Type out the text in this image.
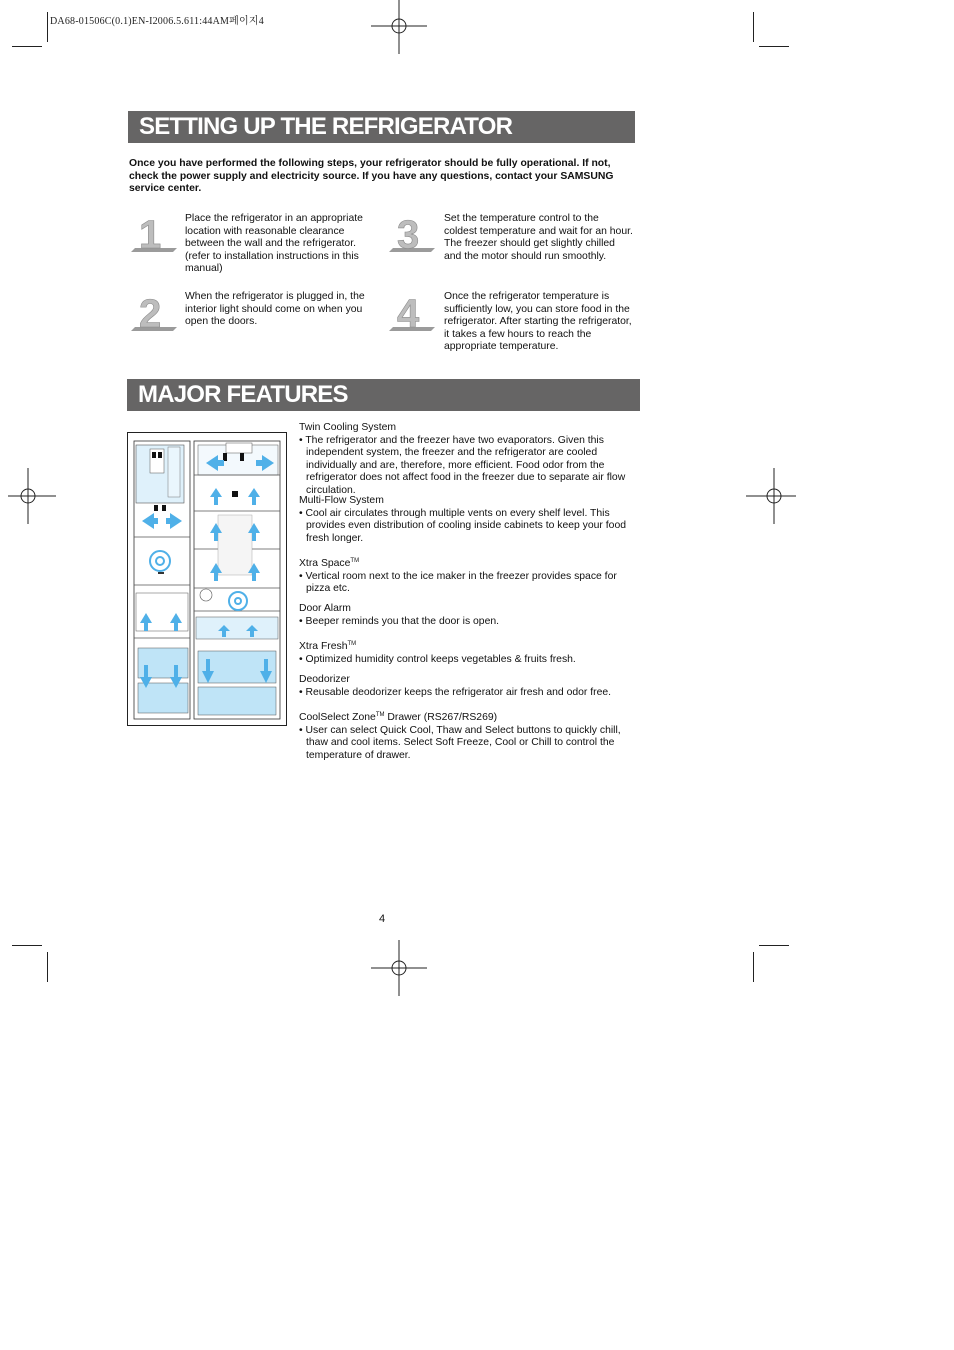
DA68-01506C(0.1)EN-I2006.5.611:44AM페이지4
SETTING UP THE REFRIGERATOR
Once you have performed the following steps, your refrigerator should be fully operational. If not, check the power supply and electricity source. If you have any questions, contact your SAMSUNG service center.
1
2
3
4
Place the refrigerator in an appropriate location with reasonable clearance between the wall and the refrigerator. (refer to installation instructions in this manual)
When the refrigerator is plugged in, the interior light should come on when you open the doors.
Set the temperature control to the coldest temperature and wait for an hour. The freezer should get slightly chilled and the motor should run smoothly.
Once the refrigerator temperature is sufficiently low, you can store food in the refrigerator. After starting the refrigerator, it takes a few hours to reach the appropriate temperature.
MAJOR FEATURES
Twin Cooling System
• The refrigerator and the freezer have two evaporators. Given this independent system, the freezer and the refrigerator are cooled individually and are, therefore, more efficient. Food odor from the refrigerator does not affect food in the freezer due to separate air flow circulation.
Multi-Flow System
• Cool air circulates through multiple vents on every shelf level. This provides even distribution of cooling inside cabinets to keep your food fresh longer.
Xtra Space™
• Vertical room next to the ice maker in the freezer provides space for pizza etc.
Door Alarm
• Beeper reminds you that the door is open.
Xtra Fresh™
• Optimized humidity control keeps vegetables & fruits fresh.
Deodorizer
• Reusable deodorizer keeps the refrigerator air fresh and odor free.
CoolSelect Zone™ Drawer (RS267/RS269)
• User can select Quick Cool, Thaw and Select buttons to quickly chill, thaw and cool items. Select Soft Freeze, Cool or Chill to control the temperature of drawer.
4
